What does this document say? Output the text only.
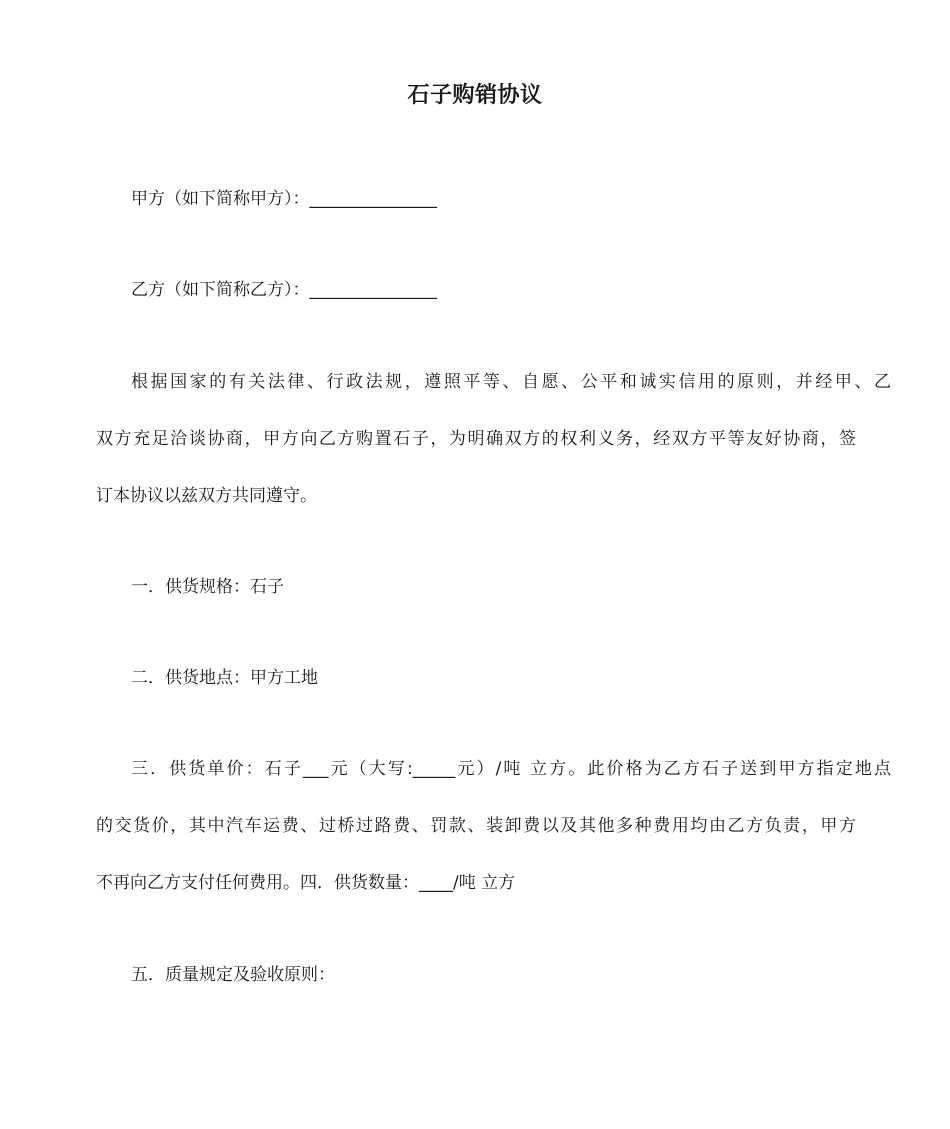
石子购销协议
甲方（如下简称甲方）：_______________
乙方（如下简称乙方）：_______________
根据国家的有关法律、行政法规，遵照平等、自愿、公平和诚实信用的原则，并经甲、乙
双方充足洽谈协商，甲方向乙方购置石子，为明确双方的权利义务，经双方平等友好协商，签
订本协议以兹双方共同遵守。
一．供货规格：石子
二．供货地点：甲方工地
三．供货单价：石子___元（大写:_____元）/吨 立方。此价格为乙方石子送到甲方指定地点
的交货价，其中汽车运费、过桥过路费、罚款、装卸费以及其他多种费用均由乙方负责，甲方
不再向乙方支付任何费用。四．供货数量：____/吨 立方
五．质量规定及验收原则：
